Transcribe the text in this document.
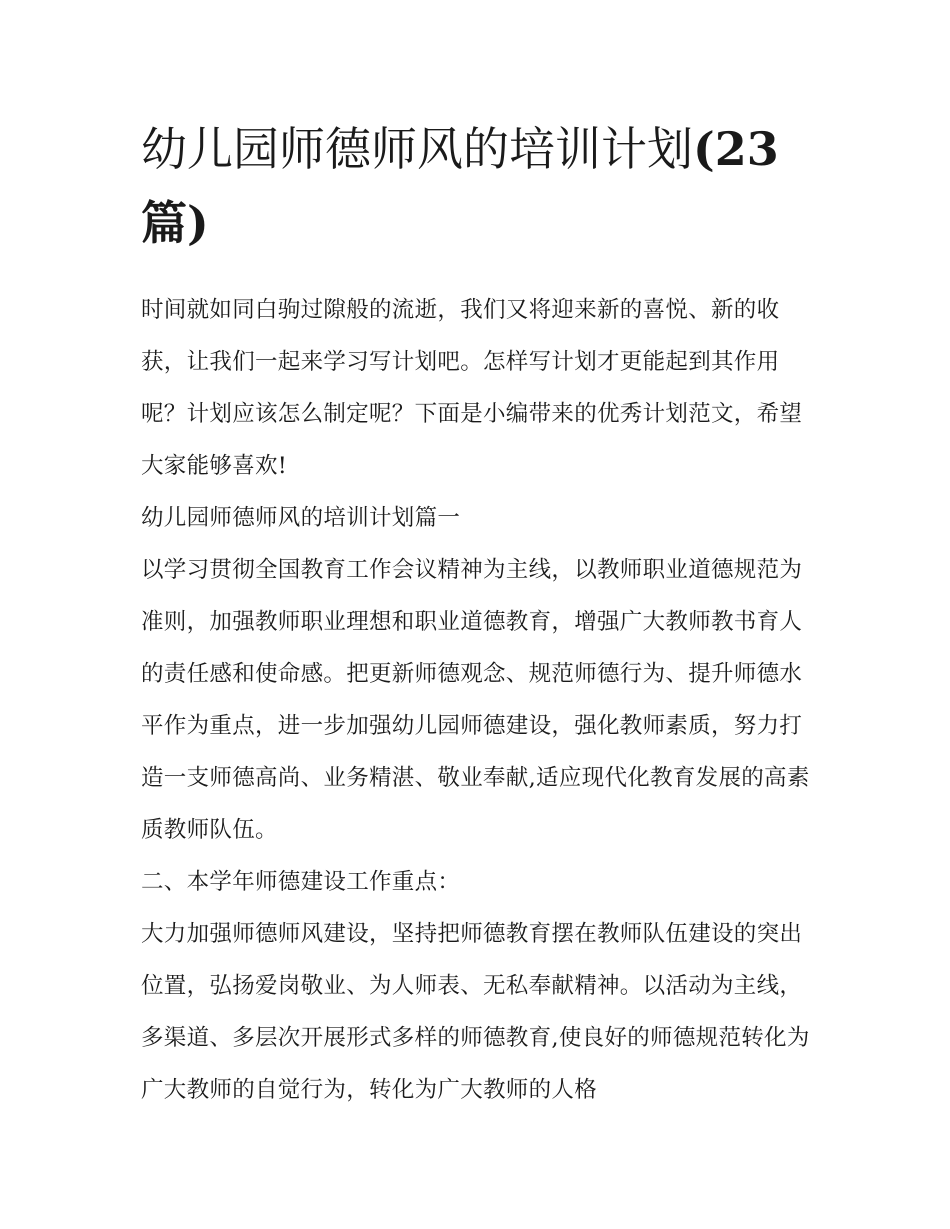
幼儿园师德师风的培训计划(23篇)

时间就如同白驹过隙般的流逝，我们又将迎来新的喜悦、新的收获，让我们一起来学习写计划吧。怎样写计划才更能起到其作用呢？计划应该怎么制定呢？下面是小编带来的优秀计划范文，希望大家能够喜欢!

幼儿园师德师风的培训计划篇一

以学习贯彻全国教育工作会议精神为主线，以教师职业道德规范为准则，加强教师职业理想和职业道德教育，增强广大教师教书育人的责任感和使命感。把更新师德观念、规范师德行为、提升师德水平作为重点，进一步加强幼儿园师德建设，强化教师素质，努力打造一支师德高尚、业务精湛、敬业奉献,适应现代化教育发展的高素质教师队伍。

二、本学年师德建设工作重点：

大力加强师德师风建设，坚持把师德教育摆在教师队伍建设的突出位置，弘扬爱岗敬业、为人师表、无私奉献精神。以活动为主线，多渠道、多层次开展形式多样的师德教育,使良好的师德规范转化为广大教师的自觉行为，转化为广大教师的人格
